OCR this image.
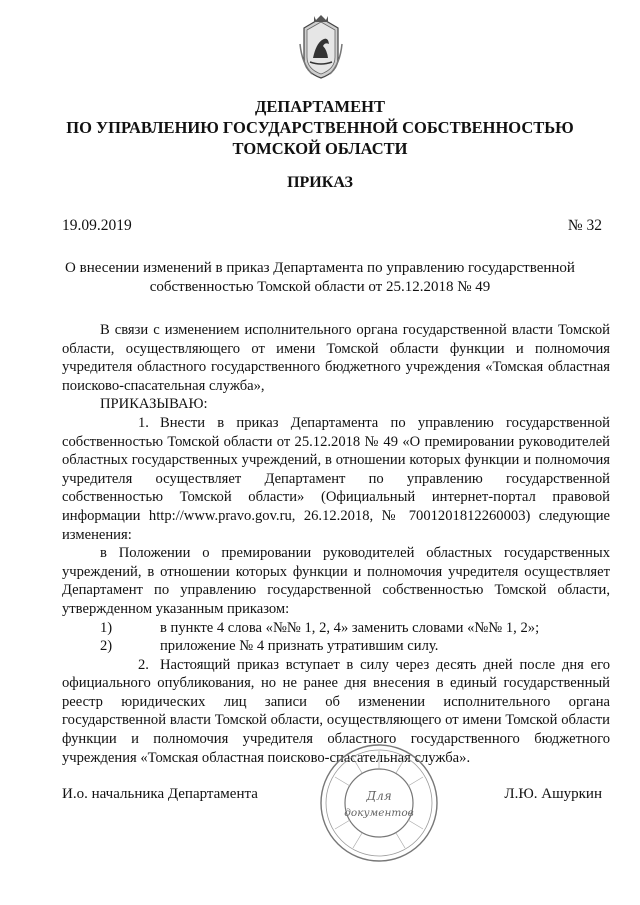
ДЕПАРТАМЕНТ
ПО УПРАВЛЕНИЮ ГОСУДАРСТВЕННОЙ СОБСТВЕННОСТЬЮ
ТОМСКОЙ ОБЛАСТИ
ПРИКАЗ
19.09.2019	№ 32
О внесении изменений в приказ Департамента по управлению государственной собственностью Томской области от 25.12.2018 № 49

В связи с изменением исполнительного органа государственной власти Томской области, осуществляющего от имени Томской области функции и полномочия учредителя областного государственного бюджетного учреждения «Томская областная поисково-спасательная служба»,

ПРИКАЗЫВАЮ:

1. Внести в приказ Департамента по управлению государственной собственностью Томской области от 25.12.2018 № 49 «О премировании руководителей областных государственных учреждений, в отношении которых функции и полномочия учредителя осуществляет Департамент по управлению государственной собственностью Томской области» (Официальный интернет-портал правовой информации http://www.pravo.gov.ru, 26.12.2018, № 7001201812260003) следующие изменения:

в Положении о премировании руководителей областных государственных учреждений, в отношении которых функции и полномочия учредителя осуществляет Департамент по управлению государственной собственностью Томской области, утвержденном указанным приказом:

1)	в пункте 4 слова «№№ 1, 2, 4» заменить словами «№№ 1, 2»;

2)	приложение № 4 признать утратившим силу.

2. Настоящий приказ вступает в силу через десять дней после дня его официального опубликования, но не ранее дня внесения в единый государственный реестр юридических лиц записи об изменении исполнительного органа государственной власти Томской области, осуществляющего от имени Томской области функции и полномочия учредителя областного государственного бюджетного учреждения «Томская областная поисково-спасательная служба».

И.о. начальника Департамента	Л.Ю. Ашуркин
Для
документов
